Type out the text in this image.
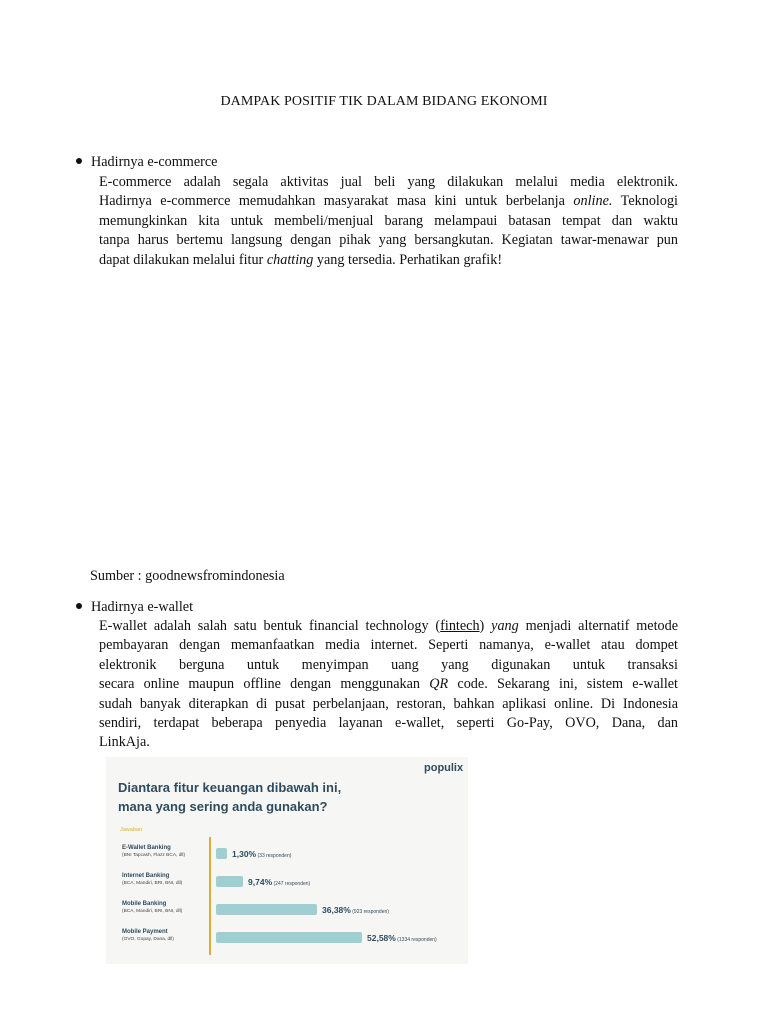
DAMPAK POSITIF TIK DALAM BIDANG EKONOMI
Hadirnya e-commerce
E-commerce adalah segala aktivitas jual beli yang dilakukan melalui media elektronik.
Hadirnya e-commerce memudahkan masyarakat masa kini untuk berbelanja online. Teknologi
memungkinkan kita untuk membeli/menjual barang melampaui batasan tempat dan waktu
tanpa harus bertemu langsung dengan pihak yang bersangkutan. Kegiatan tawar-menawar pun
dapat dilakukan melalui fitur chatting yang tersedia. Perhatikan grafik!
Sumber : goodnewsfromindonesia
Hadirnya e-wallet
E-wallet adalah salah satu bentuk financial technology (fintech) yang menjadi alternatif metode
pembayaran dengan memanfaatkan media internet. Seperti namanya, e-wallet atau dompet
elektronik berguna untuk menyimpan uang yang digunakan untuk transaksi
secara online maupun offline dengan menggunakan QR code. Sekarang ini, sistem e-wallet
sudah banyak diterapkan di pusat perbelanjaan, restoran, bahkan aplikasi online. Di Indonesia
sendiri, terdapat beberapa penyedia layanan e-wallet, seperti Go-Pay, OVO, Dana, dan
LinkAja.
Diantara fitur keuangan dibawah ini,
mana yang sering anda gunakan?
populix
Jawaban
E-Wallet Banking
(BNI Tapcash, Flazz BCA, dll)	1,30% (33 responden)
Internet Banking
(BCA, Mandiri, BRI, BNI, dll)	9,74% (247 responden)
Mobile Banking
(BCA, Mandiri, BRI, BNI, dll)	36,38% (923 responden)
Mobile Payment
(OVO, Gopay, Dana, dll)	52,58% (1334 responden)
